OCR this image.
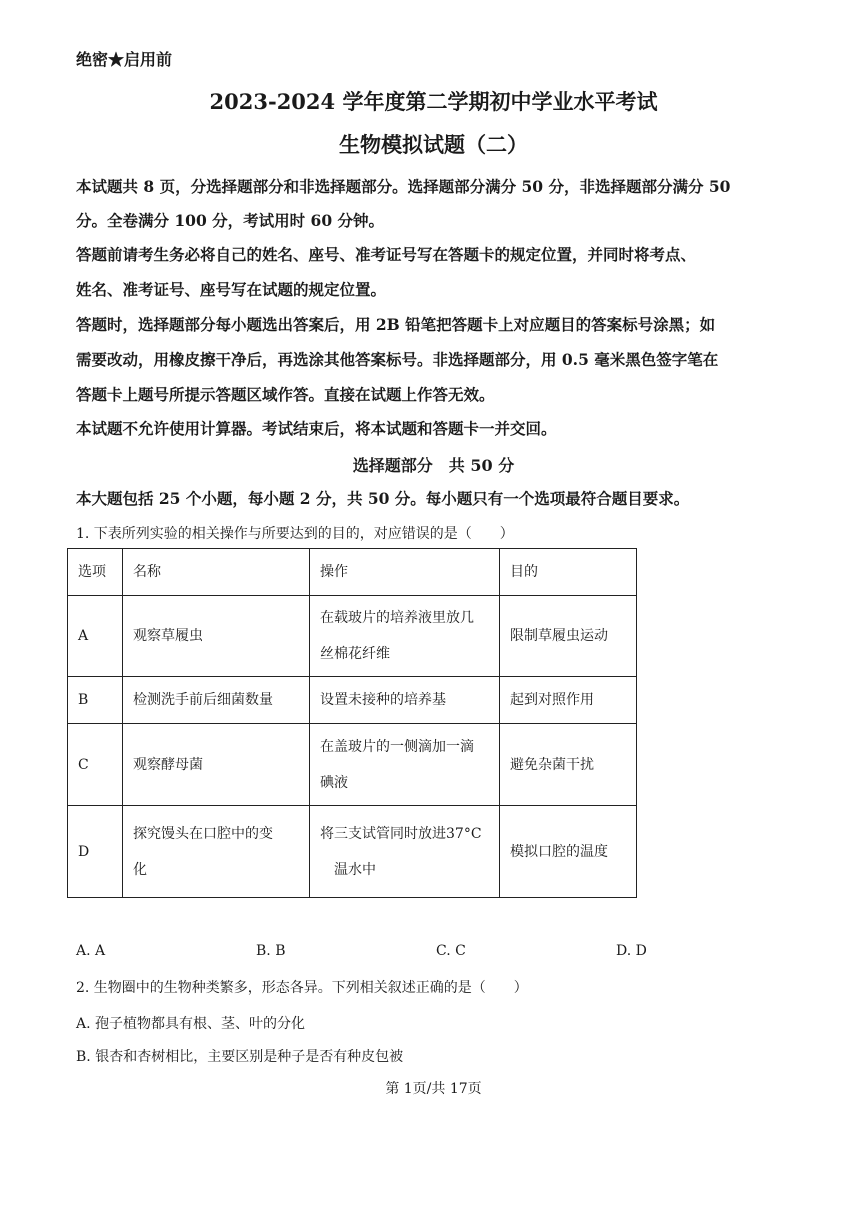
绝密★启用前
2023-2024 学年度第二学期初中学业水平考试
生物模拟试题（二）
本试题共 8 页，分选择题部分和非选择题部分。选择题部分满分 50 分，非选择题部分满分 50
分。全卷满分 100 分，考试用时 60 分钟。
答题前请考生务必将自己的姓名、座号、准考证号写在答题卡的规定位置，并同时将考点、
姓名、准考证号、座号写在试题的规定位置。
答题时，选择题部分每小题选出答案后，用 2B 铅笔把答题卡上对应题目的答案标号涂黑；如
需要改动，用橡皮擦干净后，再选涂其他答案标号。非选择题部分，用 0.5 毫米黑色签字笔在
答题卡上题号所提示答题区域作答。直接在试题上作答无效。
本试题不允许使用计算器。考试结束后，将本试题和答题卡一并交回。
选择题部分　共 50 分
本大题包括 25 个小题，每小题 2 分，共 50 分。每小题只有一个选项最符合题目要求。
1. 下表所列实验的相关操作与所要达到的目的，对应错误的是（　　）
选项	名称	操作	目的
A	观察草履虫	在载玻片的培养液里放几
丝棉花纤维	限制草履虫运动
B	检测洗手前后细菌数量	设置未接种的培养基	起到对照作用
C	观察酵母菌	在盖玻片的一侧滴加一滴
碘液	避免杂菌干扰
D	探究馒头在口腔中的变
化	将三支试管同时放进37°C
　温水中	模拟口腔的温度
A. A	B. B	C. C	D. D
2. 生物圈中的生物种类繁多，形态各异。下列相关叙述正确的是（　　）
A. 孢子植物都具有根、茎、叶的分化
B. 银杏和杏树相比，主要区别是种子是否有种皮包被
第 1页/共 17页
